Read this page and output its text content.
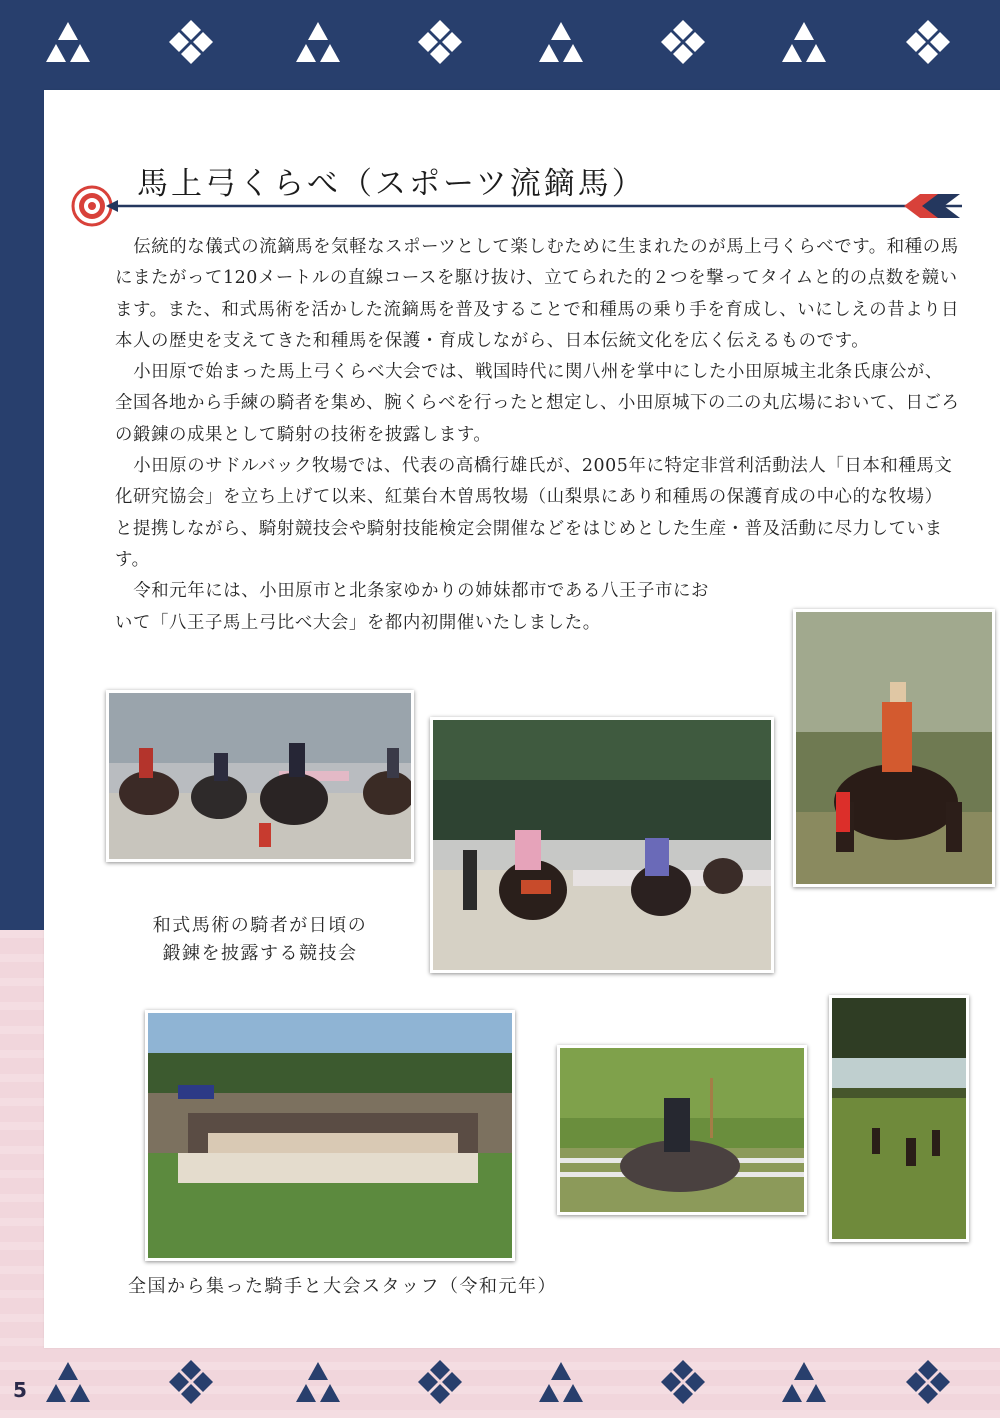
馬上弓くらべ（スポーツ流鏑馬）

伝統的な儀式の流鏑馬を気軽なスポーツとして楽しむために生まれたのが馬上弓くらべです。和種の馬にまたがって120メートルの直線コースを駆け抜け、立てられた的２つを撃ってタイムと的の点数を競います。また、和式馬術を活かした流鏑馬を普及することで和種馬の乗り手を育成し、いにしえの昔より日本人の歴史を支えてきた和種馬を保護・育成しながら、日本伝統文化を広く伝えるものです。

小田原で始まった馬上弓くらべ大会では、戦国時代に関八州を掌中にした小田原城主北条氏康公が、全国各地から手練の騎者を集め、腕くらべを行ったと想定し、小田原城下の二の丸広場において、日ごろの鍛錬の成果として騎射の技術を披露します。

小田原のサドルバック牧場では、代表の高橋行雄氏が、2005年に特定非営利活動法人「日本和種馬文化研究協会」を立ち上げて以来、紅葉台木曽馬牧場（山梨県にあり和種馬の保護育成の中心的な牧場）と提携しながら、騎射競技会や騎射技能検定会開催などをはじめとした生産・普及活動に尽力しています。

令和元年には、小田原市と北条家ゆかりの姉妹都市である八王子市において「八王子馬上弓比べ大会」を都内初開催いたしました。

和式馬術の騎者が日頃の
鍛錬を披露する競技会
全国から集った騎手と大会スタッフ（令和元年）
5
